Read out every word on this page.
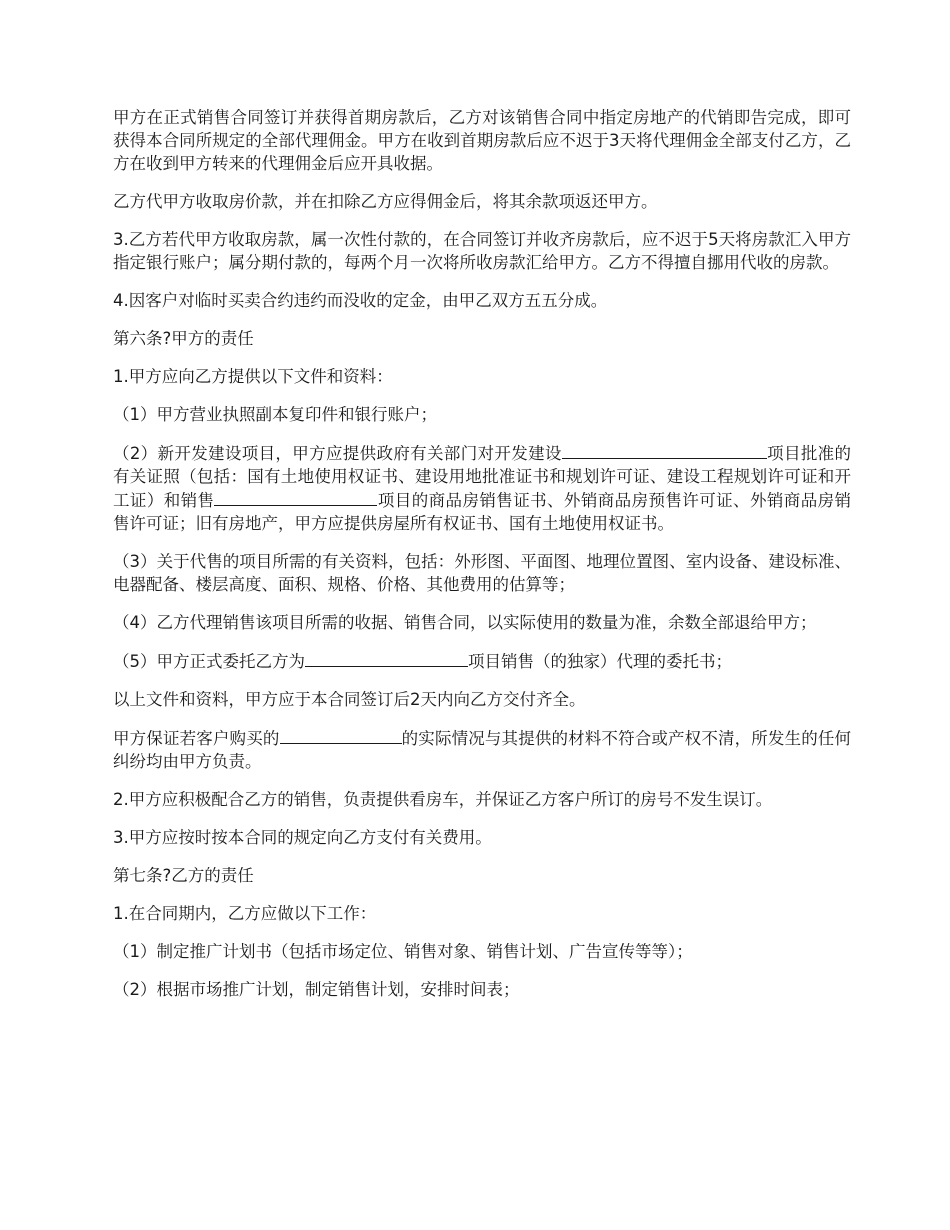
甲方在正式销售合同签订并获得首期房款后，乙方对该销售合同中指定房地产的代销即告完成，即可获得本合同所规定的全部代理佣金。甲方在收到首期房款后应不迟于3天将代理佣金全部支付乙方，乙方在收到甲方转来的代理佣金后应开具收据。

乙方代甲方收取房价款，并在扣除乙方应得佣金后，将其余款项返还甲方。

3.乙方若代甲方收取房款，属一次性付款的，在合同签订并收齐房款后，应不迟于5天将房款汇入甲方指定银行账户；属分期付款的，每两个月一次将所收房款汇给甲方。乙方不得擅自挪用代收的房款。

4.因客户对临时买卖合约违约而没收的定金，由甲乙双方五五分成。

第六条?甲方的责任

1.甲方应向乙方提供以下文件和资料：

（1）甲方营业执照副本复印件和银行账户；

（2）新开发建设项目，甲方应提供政府有关部门对开发建设	项目批准的有关证照（包括：国有土地使用权证书、建设用地批准证书和规划许可证、建设工程规划许可证和开工证）和销售	项目的商品房销售证书、外销商品房预售许可证、外销商品房销售许可证；旧有房地产，甲方应提供房屋所有权证书、国有土地使用权证书。

（3）关于代售的项目所需的有关资料，包括：外形图、平面图、地理位置图、室内设备、建设标准、电器配备、楼层高度、面积、规格、价格、其他费用的估算等；

（4）乙方代理销售该项目所需的收据、销售合同，以实际使用的数量为准，余数全部退给甲方；

（5）甲方正式委托乙方为	项目销售（的独家）代理的委托书；

以上文件和资料，甲方应于本合同签订后2天内向乙方交付齐全。

甲方保证若客户购买的	的实际情况与其提供的材料不符合或产权不清，所发生的任何纠纷均由甲方负责。

2.甲方应积极配合乙方的销售，负责提供看房车，并保证乙方客户所订的房号不发生误订。

3.甲方应按时按本合同的规定向乙方支付有关费用。

第七条?乙方的责任

1.在合同期内，乙方应做以下工作：

（1）制定推广计划书（包括市场定位、销售对象、销售计划、广告宣传等等）；

（2）根据市场推广计划，制定销售计划，安排时间表；
